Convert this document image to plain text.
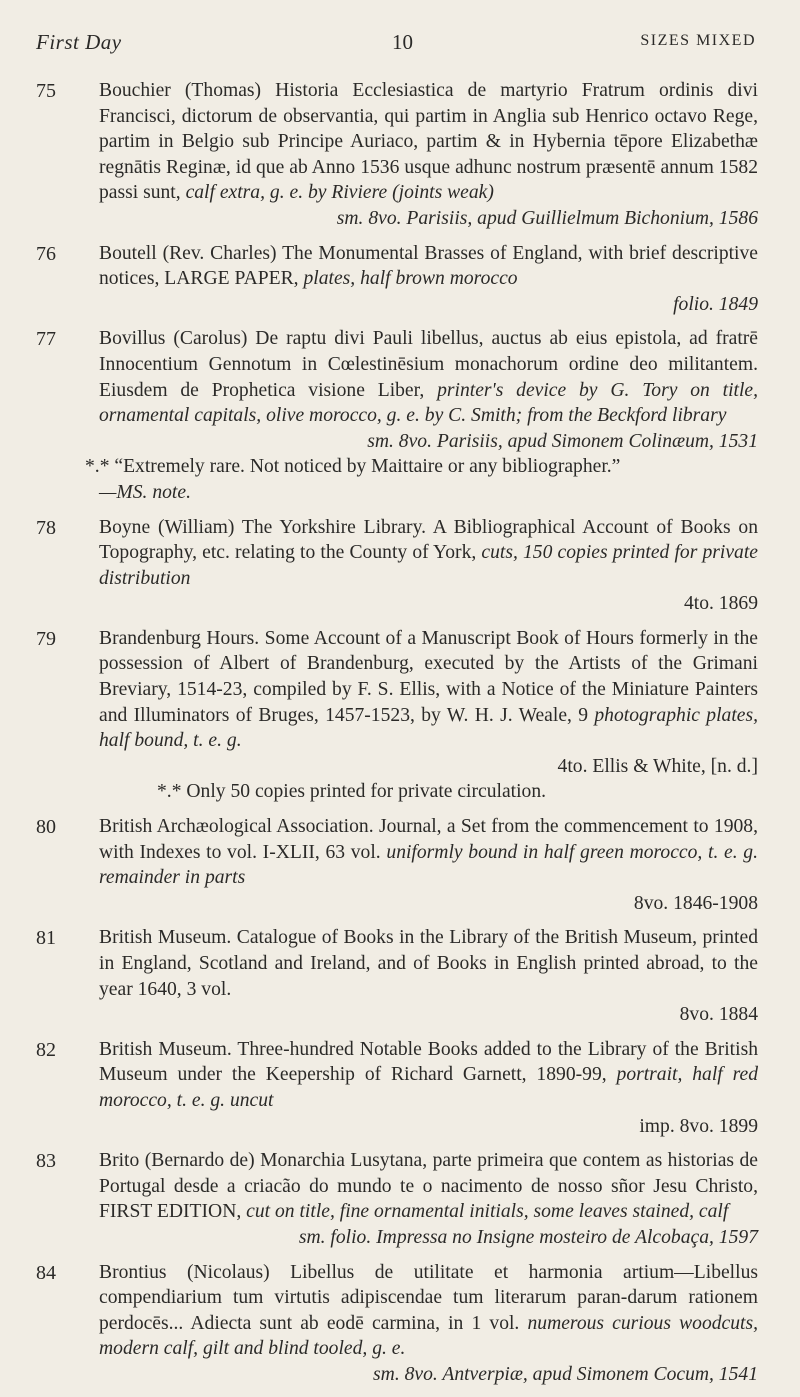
First Day	10	SIZES MIXED
75	Bouchier (Thomas) Historia Ecclesiastica de martyrio Fratrum ordinis divi Francisci, dictorum de observantia, qui partim in Anglia sub Henrico octavo Rege, partim in Belgio sub Principe Auriaco, partim & in Hybernia tēpore Elizabethæ regnātis Reginæ, id que ab Anno 1536 usque adhunc nostrum præsentē annum 1582 passi sunt, calf extra, g. e. by Riviere (joints weak)
sm. 8vo. Parisiis, apud Guillielmum Bichonium, 1586
76	Boutell (Rev. Charles) The Monumental Brasses of England, with brief descriptive notices, LARGE PAPER, plates, half brown morocco
folio. 1849
77	Bovillus (Carolus) De raptu divi Pauli libellus, auctus ab eius epistola, ad fratrē Innocentium Gennotum in Cœlestinēsium monachorum ordine deo militantem. Eiusdem de Prophetica visione Liber, printer's device by G. Tory on title, ornamental capitals, olive morocco, g. e. by C. Smith; from the Beckford library
sm. 8vo. Parisiis, apud Simonem Colinæum, 1531
*.* “Extremely rare. Not noticed by Maittaire or any bibliographer.”
—MS. note.
78	Boyne (William) The Yorkshire Library. A Bibliographical Account of Books on Topography, etc. relating to the County of York, cuts, 150 copies printed for private distribution
4to. 1869
79	Brandenburg Hours. Some Account of a Manuscript Book of Hours formerly in the possession of Albert of Brandenburg, executed by the Artists of the Grimani Breviary, 1514-23, compiled by F. S. Ellis, with a Notice of the Miniature Painters and Illuminators of Bruges, 1457-1523, by W. H. J. Weale, 9 photographic plates, half bound, t. e. g.
4to. Ellis & White, [n. d.]
*.* Only 50 copies printed for private circulation.
80	British Archæological Association. Journal, a Set from the commencement to 1908, with Indexes to vol. I-XLII, 63 vol. uniformly bound in half green morocco, t. e. g. remainder in parts
8vo. 1846-1908
81	British Museum. Catalogue of Books in the Library of the British Museum, printed in England, Scotland and Ireland, and of Books in English printed abroad, to the year 1640, 3 vol.
8vo. 1884
82	British Museum. Three-hundred Notable Books added to the Library of the British Museum under the Keepership of Richard Garnett, 1890-99, portrait, half red morocco, t. e. g. uncut
imp. 8vo. 1899
83	Brito (Bernardo de) Monarchia Lusytana, parte primeira que contem as historias de Portugal desde a criacão do mundo te o nacimento de nosso sñor Jesu Christo, FIRST EDITION, cut on title, fine ornamental initials, some leaves stained, calf
sm. folio. Impressa no Insigne mosteiro de Alcobaça, 1597
84	Brontius (Nicolaus) Libellus de utilitate et harmonia artium—Libellus compendiarium tum virtutis adipiscendae tum literarum paran-darum rationem perdocēs... Adiecta sunt ab eodē carmina, in 1 vol. numerous curious woodcuts, modern calf, gilt and blind tooled, g. e.
sm. 8vo. Antverpiæ, apud Simonem Cocum, 1541
